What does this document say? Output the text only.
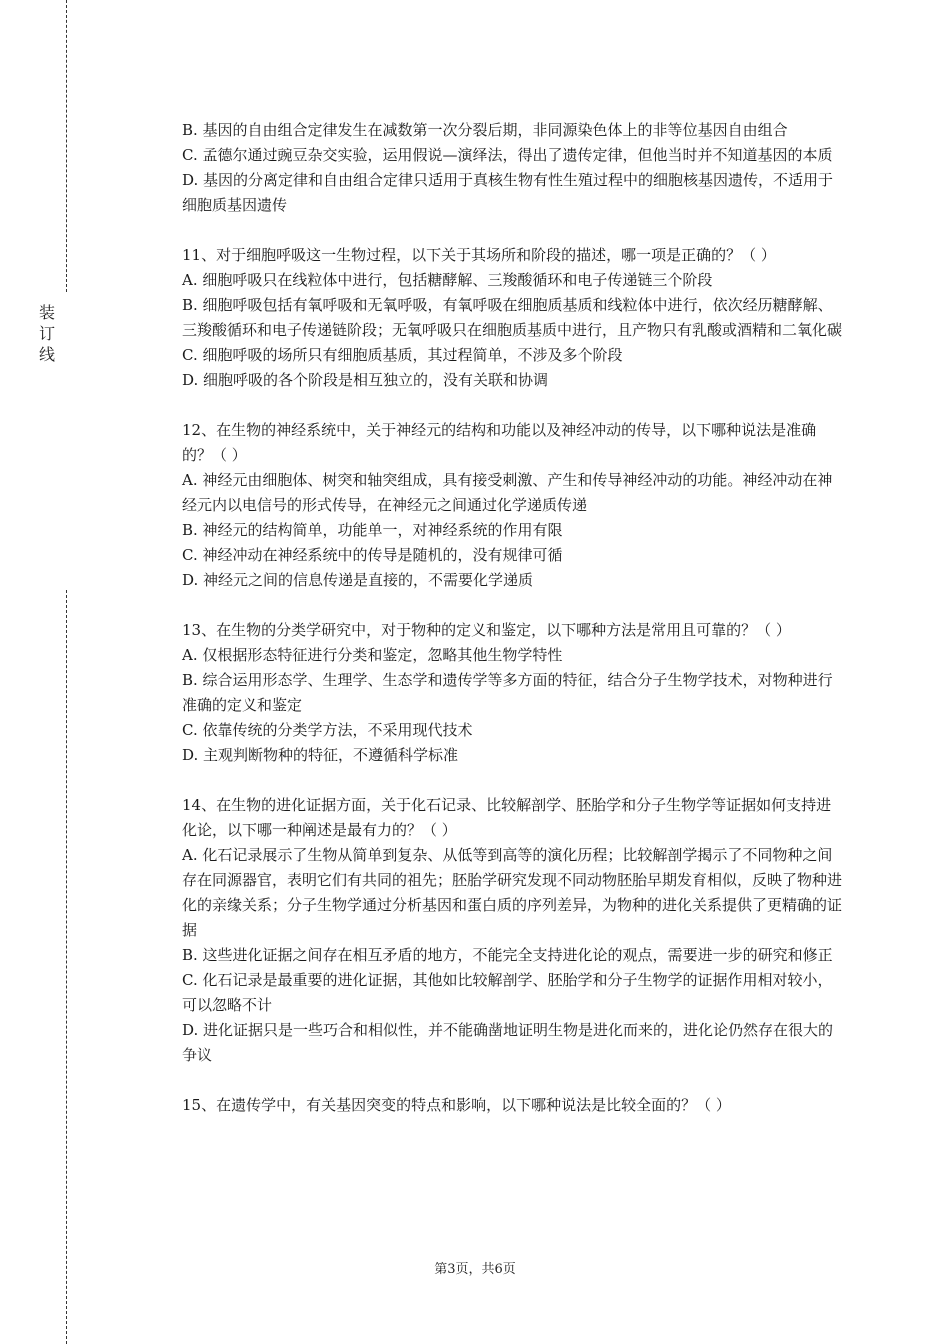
装
订
线

B. 基因的自由组合定律发生在减数第一次分裂后期，非同源染色体上的非等位基因自由组合

C. 孟德尔通过豌豆杂交实验，运用假说—演绎法，得出了遗传定律，但他当时并不知道基因的本质

D. 基因的分离定律和自由组合定律只适用于真核生物有性生殖过程中的细胞核基因遗传，不适用于细胞质基因遗传

11、对于细胞呼吸这一生物过程，以下关于其场所和阶段的描述，哪一项是正确的？（ ）

A. 细胞呼吸只在线粒体中进行，包括糖酵解、三羧酸循环和电子传递链三个阶段

B. 细胞呼吸包括有氧呼吸和无氧呼吸，有氧呼吸在细胞质基质和线粒体中进行，依次经历糖酵解、三羧酸循环和电子传递链阶段；无氧呼吸只在细胞质基质中进行，且产物只有乳酸或酒精和二氧化碳

C. 细胞呼吸的场所只有细胞质基质，其过程简单，不涉及多个阶段

D. 细胞呼吸的各个阶段是相互独立的，没有关联和协调

12、在生物的神经系统中，关于神经元的结构和功能以及神经冲动的传导，以下哪种说法是准确的？（ ）

A. 神经元由细胞体、树突和轴突组成，具有接受刺激、产生和传导神经冲动的功能。神经冲动在神经元内以电信号的形式传导，在神经元之间通过化学递质传递

B. 神经元的结构简单，功能单一，对神经系统的作用有限

C. 神经冲动在神经系统中的传导是随机的，没有规律可循

D. 神经元之间的信息传递是直接的，不需要化学递质

13、在生物的分类学研究中，对于物种的定义和鉴定，以下哪种方法是常用且可靠的？（ ）

A. 仅根据形态特征进行分类和鉴定，忽略其他生物学特性

B. 综合运用形态学、生理学、生态学和遗传学等多方面的特征，结合分子生物学技术，对物种进行准确的定义和鉴定

C. 依靠传统的分类学方法，不采用现代技术

D. 主观判断物种的特征，不遵循科学标准

14、在生物的进化证据方面，关于化石记录、比较解剖学、胚胎学和分子生物学等证据如何支持进化论，以下哪一种阐述是最有力的？（ ）

A. 化石记录展示了生物从简单到复杂、从低等到高等的演化历程；比较解剖学揭示了不同物种之间存在同源器官，表明它们有共同的祖先；胚胎学研究发现不同动物胚胎早期发育相似，反映了物种进化的亲缘关系；分子生物学通过分析基因和蛋白质的序列差异，为物种的进化关系提供了更精确的证据

B. 这些进化证据之间存在相互矛盾的地方，不能完全支持进化论的观点，需要进一步的研究和修正

C. 化石记录是最重要的进化证据，其他如比较解剖学、胚胎学和分子生物学的证据作用相对较小，可以忽略不计

D. 进化证据只是一些巧合和相似性，并不能确凿地证明生物是进化而来的，进化论仍然存在很大的争议

15、在遗传学中，有关基因突变的特点和影响，以下哪种说法是比较全面的？（ ）

第3页，共6页
